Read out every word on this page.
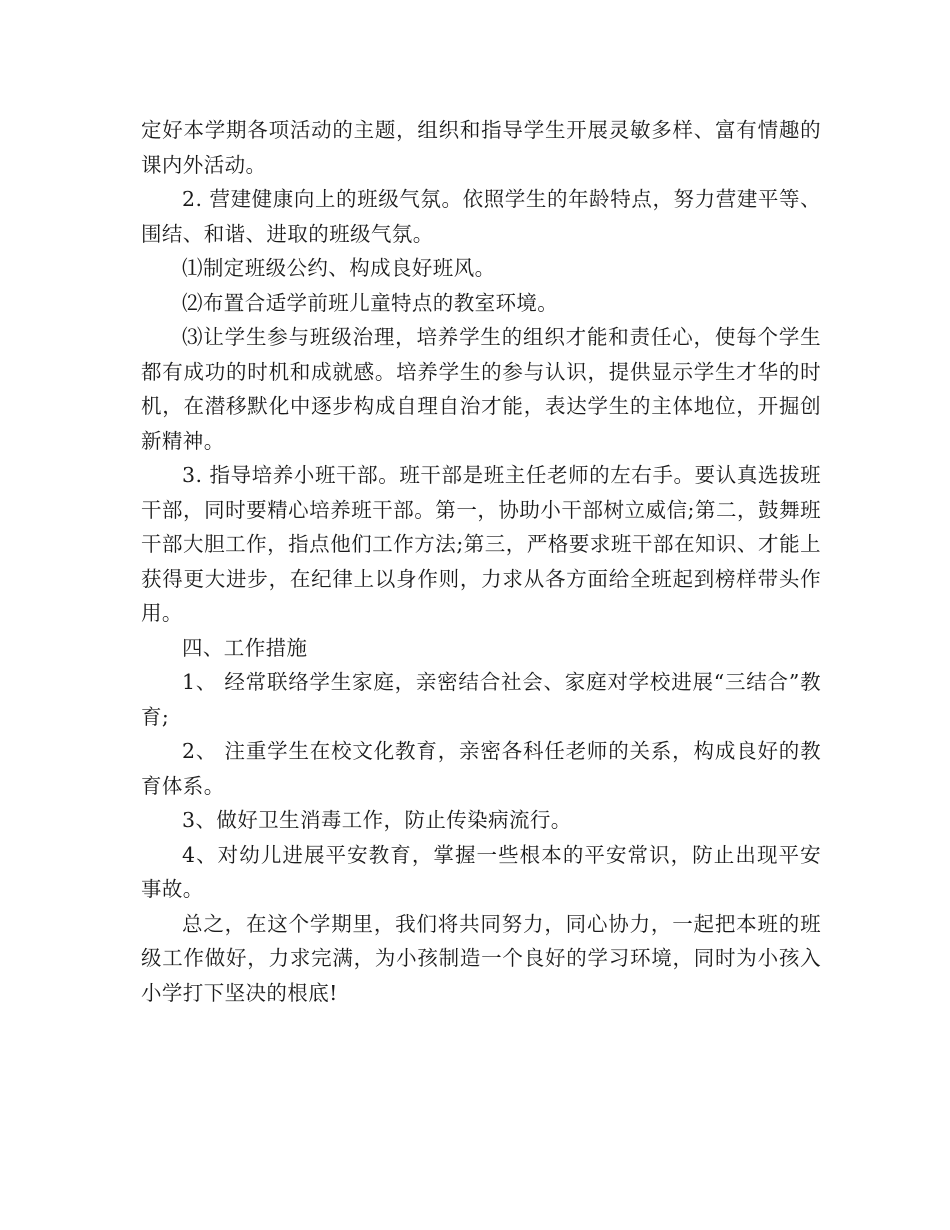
定好本学期各项活动的主题，组织和指导学生开展灵敏多样、富有情趣的课内外活动。

2. 营建健康向上的班级气氛。依照学生的年龄特点，努力营建平等、围结、和谐、进取的班级气氛。

⑴制定班级公约、构成良好班风。

⑵布置合适学前班儿童特点的教室环境。

⑶让学生参与班级治理，培养学生的组织才能和责任心，使每个学生都有成功的时机和成就感。培养学生的参与认识，提供显示学生才华的时机，在潜移默化中逐步构成自理自治才能，表达学生的主体地位，开掘创新精神。

3. 指导培养小班干部。班干部是班主任老师的左右手。要认真选拔班干部，同时要精心培养班干部。第一，协助小干部树立威信;第二，鼓舞班干部大胆工作，指点他们工作方法;第三，严格要求班干部在知识、才能上获得更大进步，在纪律上以身作则，力求从各方面给全班起到榜样带头作用。

四、工作措施

1、 经常联络学生家庭，亲密结合社会、家庭对学校进展“三结合”教育;

2、 注重学生在校文化教育，亲密各科任老师的关系，构成良好的教育体系。

3、做好卫生消毒工作，防止传染病流行。

4、对幼儿进展平安教育，掌握一些根本的平安常识，防止出现平安事故。

总之，在这个学期里，我们将共同努力，同心协力，一起把本班的班级工作做好，力求完满，为小孩制造一个良好的学习环境，同时为小孩入小学打下坚决的根底!
